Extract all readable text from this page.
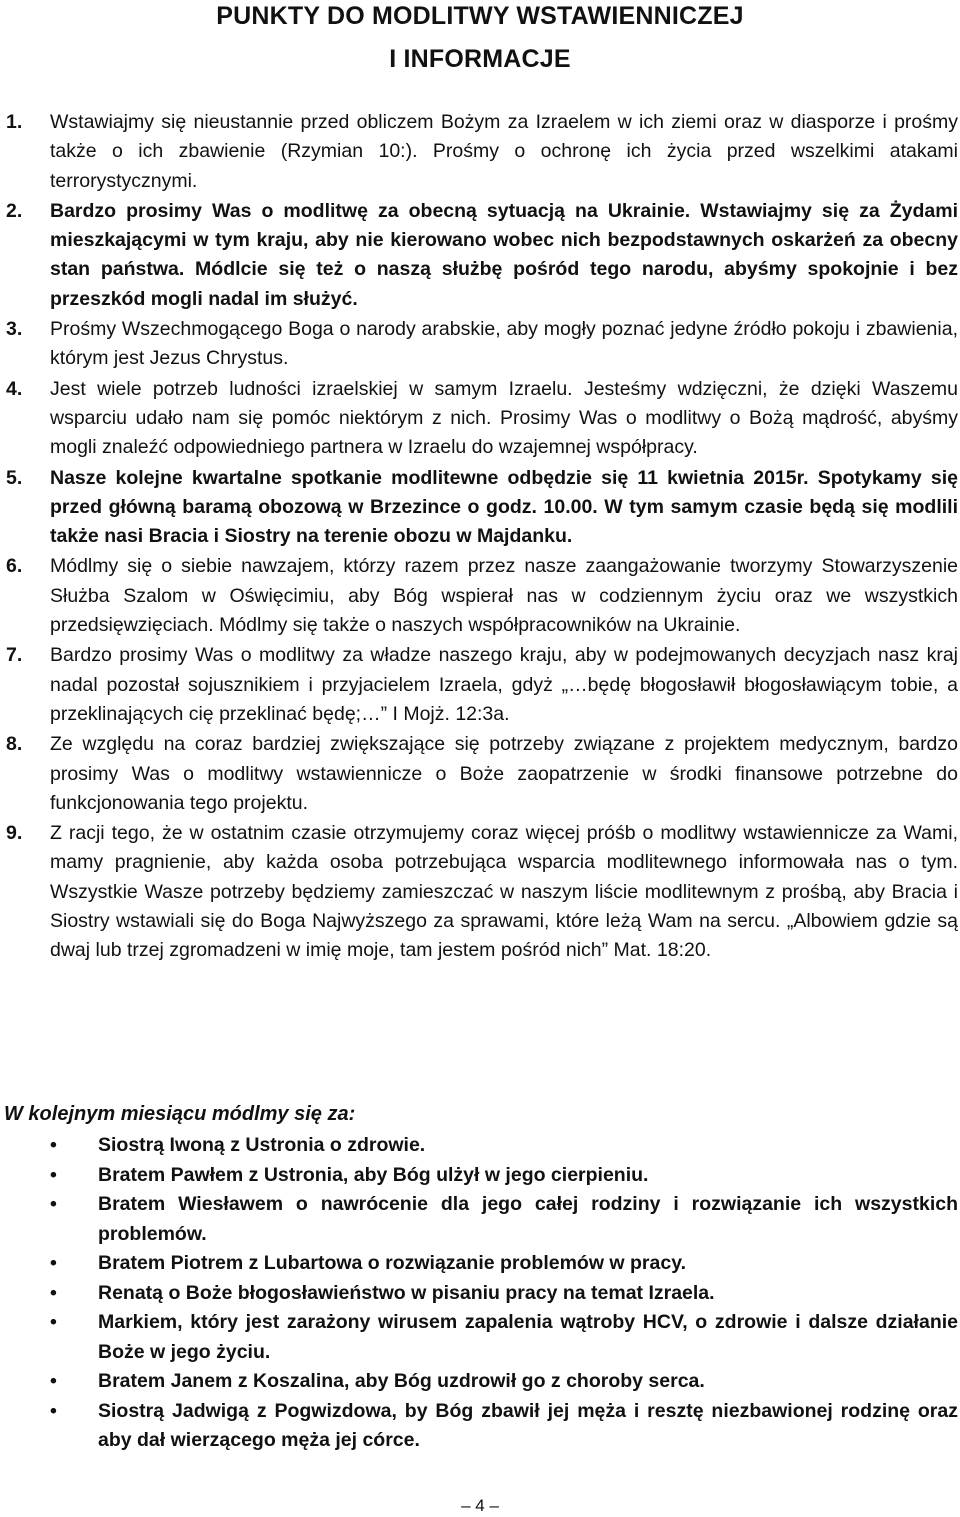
PUNKTY DO MODLITWY WSTAWIENNICZEJ
I INFORMACJE
1. Wstawiajmy się nieustannie przed obliczem Bożym za Izraelem w ich ziemi oraz w diasporze i prośmy także o ich zbawienie (Rzymian 10:). Prośmy o ochronę ich życia przed wszelkimi atakami terrorystycznymi.
2. Bardzo prosimy Was o modlitwę za obecną sytuacją na Ukrainie. Wstawiajmy się za Żydami mieszkającymi w tym kraju, aby nie kierowano wobec nich bezpodstawnych oskarżeń za obecny stan państwa. Módlcie się też o naszą służbę pośród tego narodu, abyśmy spokojnie i bez przeszkód mogli nadal im służyć.
3. Prośmy Wszechmogącego Boga o narody arabskie, aby mogły poznać jedyne źródło pokoju i zbawienia, którym jest Jezus Chrystus.
4. Jest wiele potrzeb ludności izraelskiej w samym Izraelu. Jesteśmy wdzięczni, że dzięki Waszemu wsparciu udało nam się pomóc niektórym z nich. Prosimy Was o modlitwy o Bożą mądrość, abyśmy mogli znaleźć odpowiedniego partnera w Izraelu do wzajemnej współpracy.
5. Nasze kolejne kwartalne spotkanie modlitewne odbędzie się 11 kwietnia 2015r. Spotykamy się przed główną baramą obozową w Brzezince o godz. 10.00. W tym samym czasie będą się modlili także nasi Bracia i Siostry na terenie obozu w Majdanku.
6. Módlmy się o siebie nawzajem, którzy razem przez nasze zaangażowanie tworzymy Stowarzyszenie Służba Szalom w Oświęcimiu, aby Bóg wspierał nas w codziennym życiu oraz we wszystkich przedsięwzięciach. Módlmy się także o naszych współpracowników na Ukrainie.
7. Bardzo prosimy Was o modlitwy za władze naszego kraju, aby w podejmowanych decyzjach nasz kraj nadal pozostał sojusznikiem i przyjacielem Izraela, gdyż „…będę błogosławił błogosławiącym tobie, a przeklinających cię przeklinać będę;…” I Mojż. 12:3a.
8. Ze względu na coraz bardziej zwiększające się potrzeby związane z projektem medycznym, bardzo prosimy Was o modlitwy wstawiennicze o Boże zaopatrzenie w środki finansowe potrzebne do funkcjonowania tego projektu.
9. Z racji tego, że w ostatnim czasie otrzymujemy coraz więcej próśb o modlitwy wstawiennicze za Wami, mamy pragnienie, aby każda osoba potrzebująca wsparcia modlitewnego informowała nas o tym. Wszystkie Wasze potrzeby będziemy zamieszczać w naszym liście modlitewnym z prośbą, aby Bracia i Siostry wstawiali się do Boga Najwyższego za sprawami, które leżą Wam na sercu. „Albowiem gdzie są dwaj lub trzej zgromadzeni w imię moje, tam jestem pośród nich” Mat. 18:20.
W kolejnym miesiącu módlmy się za:
• Siostrą Iwoną z Ustronia o zdrowie.
• Bratem Pawłem z Ustronia, aby Bóg ulżył w jego cierpieniu.
• Bratem Wiesławem o nawrócenie dla jego całej rodziny i rozwiązanie ich wszystkich problemów.
• Bratem Piotrem z Lubartowa o rozwiązanie problemów w pracy.
• Renatą o Boże błogosławieństwo w pisaniu pracy na temat Izraela.
• Markiem, który jest zarażony wirusem zapalenia wątroby HCV, o zdrowie i dalsze działanie Boże w jego życiu.
• Bratem Janem z Koszalina, aby Bóg uzdrowił go z choroby serca.
• Siostrą Jadwigą z Pogwizdowa, by Bóg zbawił jej męża i resztę niezbawionej rodzinę oraz aby dał wierzącego męża jej córce.
– 4 –
